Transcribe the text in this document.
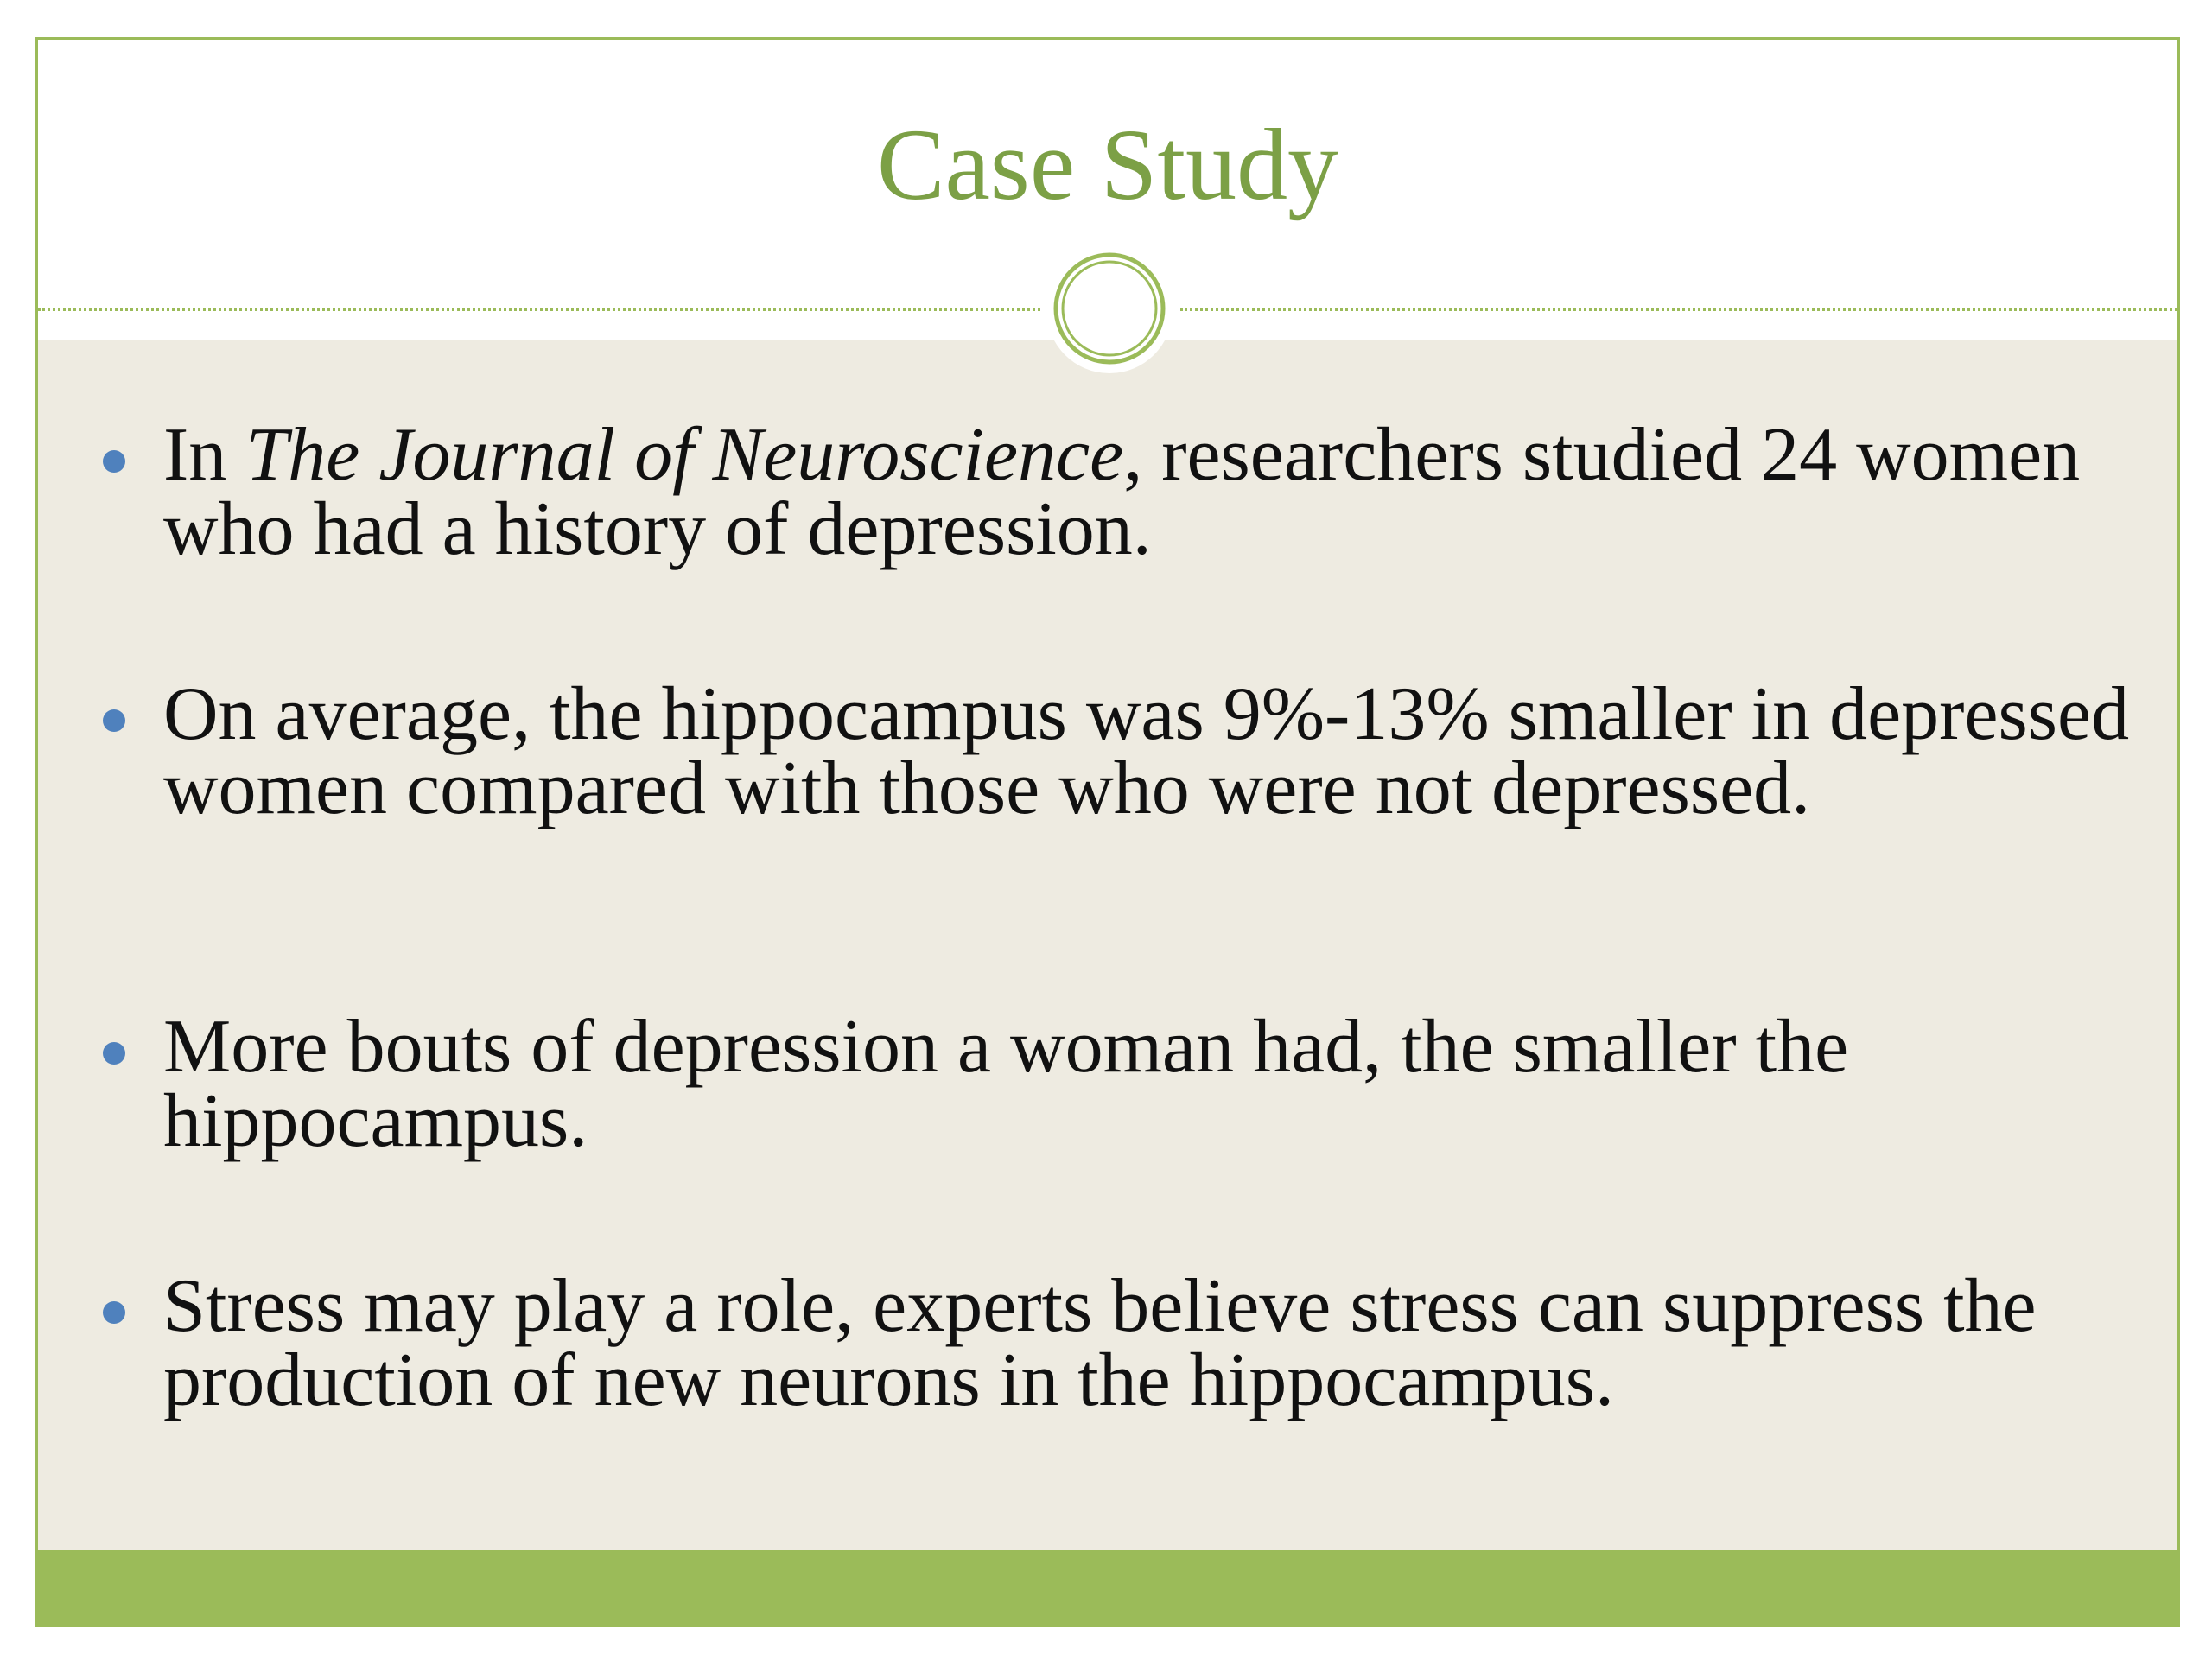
Case Study

In The Journal of Neuroscience, researchers studied 24 women who had a history of depression.

On average, the hippocampus was 9%-13% smaller in depressed women compared with those who were not depressed.

More bouts of depression a woman had, the smaller the hippocampus.

Stress may play a role, experts believe stress can suppress the production of new neurons in the hippocampus.
